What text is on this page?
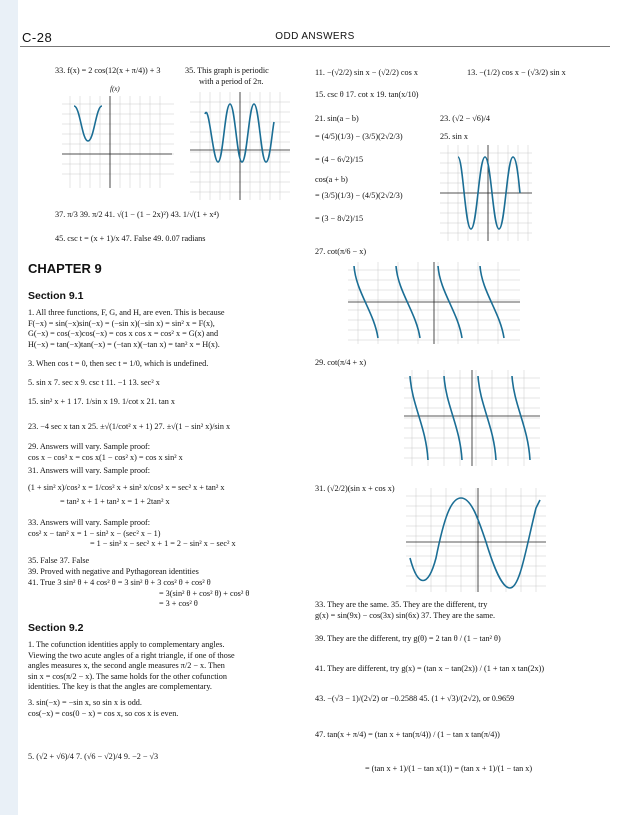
C-28	ODD ANSWERS
33. f(x) = 2 cos(12(x + π/4)) + 3
f(x)
35. This graph is periodic
with a period of 2π.
37. π/3 39. π/2 41. √(1 − (1 − 2x)²) 43. 1/√(1 + x⁴)
45. csc t = (x + 1)/x 47. False 49. 0.07 radians
CHAPTER 9
Section 9.1
1. All three functions, F, G, and H, are even. This is because
F(−x) = sin(−x)sin(−x) = (−sin x)(−sin x) = sin² x = F(x),
G(−x) = cos(−x)cos(−x) = cos x cos x = cos² x = G(x) and
H(−x) = tan(−x)tan(−x) = (−tan x)(−tan x) = tan² x = H(x).
3. When cos t = 0, then sec t = 1/0, which is undefined.
5. sin x 7. sec x 9. csc t 11. −1 13. sec² x
15. sin² x + 1 17. 1/sin x 19. 1/cot x 21. tan x
23. −4 sec x tan x 25. ±√(1/cot² x + 1) 27. ±√(1 − sin² x)/sin x
29. Answers will vary. Sample proof:
cos x − cos³ x = cos x(1 − cos² x) = cos x sin² x
31. Answers will vary. Sample proof:
(1 + sin² x)/cos² x = 1/cos² x + sin² x/cos² x = sec² x + tan² x
= tan² x + 1 + tan² x = 1 + 2tan² x
33. Answers will vary. Sample proof:
cos² x − tan² x = 1 − sin² x − (sec² x − 1)
= 1 − sin² x − sec² x + 1 = 2 − sin² x − sec² x
35. False 37. False
39. Proved with negative and Pythagorean identities
41. True 3 sin² θ + 4 cos² θ = 3 sin² θ + 3 cos² θ + cos² θ
= 3(sin² θ + cos² θ) + cos² θ
= 3 + cos² θ
Section 9.2
1. The cofunction identities apply to complementary angles.
Viewing the two acute angles of a right triangle, if one of those
angles measures x, the second angle measures π/2 − x. Then
sin x = cos(π/2 − x). The same holds for the other cofunction
identities. The key is that the angles are complementary.
3. sin(−x) = −sin x, so sin x is odd.
cos(−x) = cos(0 − x) = cos x, so cos x is even.
5. (√2 + √6)/4 7. (√6 − √2)/4 9. −2 − √3
11. −(√2/2) sin x − (√2/2) cos x	13. −(1/2) cos x − (√3/2) sin x
15. csc θ 17. cot x 19. tan(x/10)
21. sin(a − b)
= (4/5)(1/3) − (3/5)(2√2/3)
= (4 − 6√2)/15
cos(a + b)
= (3/5)(1/3) − (4/5)(2√2/3)
= (3 − 8√2)/15
23. (√2 − √6)/4
25. sin x
27. cot(π/6 − x)
29. cot(π/4 + x)
31. (√2/2)(sin x + cos x)
33. They are the same. 35. They are the different, try
g(x) = sin(9x) − cos(3x) sin(6x) 37. They are the same.
39. They are the different, try g(θ) = 2 tan θ / (1 − tan² θ)
41. They are different, try g(x) = (tan x − tan(2x)) / (1 + tan x tan(2x))
43. −(√3 − 1)/(2√2) or −0.2588 45. (1 + √3)/(2√2), or 0.9659
47. tan(x + π/4) = (tan x + tan(π/4)) / (1 − tan x tan(π/4))
= (tan x + 1)/(1 − tan x(1)) = (tan x + 1)/(1 − tan x)
